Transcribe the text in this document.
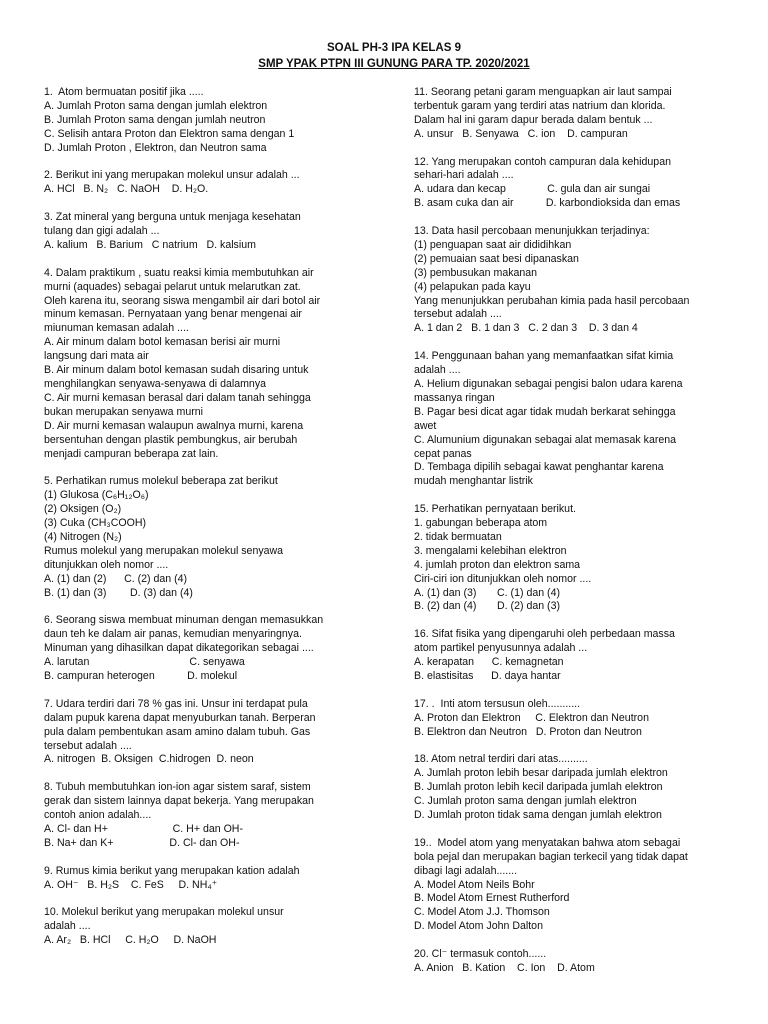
SOAL PH-3 IPA KELAS 9
SMP YPAK PTPN III GUNUNG PARA TP. 2020/2021
1.  Atom bermuatan positif jika .....
A. Jumlah Proton sama dengan jumlah elektron
B. Jumlah Proton sama dengan jumlah neutron
C. Selisih antara Proton dan Elektron sama dengan 1
D. Jumlah Proton , Elektron, dan Neutron sama
2. Berikut ini yang merupakan molekul unsur adalah ...
A. HCl   B. N₂   C. NaOH    D. H₂O.
3. Zat mineral yang berguna untuk menjaga kesehatan
tulang dan gigi adalah ...
A. kalium   B. Barium   C natrium   D. kalsium
4. Dalam praktikum , suatu reaksi kimia membutuhkan air
murni (aquades) sebagai pelarut untuk melarutkan zat.
Oleh karena itu, seorang siswa mengambil air dari botol air
minum kemasan. Pernyataan yang benar mengenai air
miunuman kemasan adalah ....
A. Air minum dalam botol kemasan berisi air murni
langsung dari mata air
B. Air minum dalam botol kemasan sudah disaring untuk
menghilangkan senyawa-senyawa di dalamnya
C. Air murni kemasan berasal dari dalam tanah sehingga
bukan merupakan senyawa murni
D. Air murni kemasan walaupun awalnya murni, karena
bersentuhan dengan plastik pembungkus, air berubah
menjadi campuran beberapa zat lain.
5. Perhatikan rumus molekul beberapa zat berikut
(1) Glukosa (C₆H₁₂O₆)
(2) Oksigen (O₂)
(3) Cuka (CH₃COOH)
(4) Nitrogen (N₂)
Rumus molekul yang merupakan molekul senyawa
ditunjukkan oleh nomor ....
A. (1) dan (2)      C. (2) dan (4)
B. (1) dan (3)        D. (3) dan (4)
6. Seorang siswa membuat minuman dengan memasukkan
daun teh ke dalam air panas, kemudian menyaringnya.
Minuman yang dihasilkan dapat dikategorikan sebagai ....
A. larutan                                  C. senyawa
B. campuran heterogen           D. molekul
7. Udara terdiri dari 78 % gas ini. Unsur ini terdapat pula
dalam pupuk karena dapat menyuburkan tanah. Berperan
pula dalam pembentukan asam amino dalam tubuh. Gas
tersebut adalah ....
A. nitrogen  B. Oksigen  C.hidrogen  D. neon
8. Tubuh membutuhkan ion-ion agar sistem saraf, sistem
gerak dan sistem lainnya dapat bekerja. Yang merupakan
contoh anion adalah....
A. Cl- dan H+                      C. H+ dan OH-
B. Na+ dan K+                   D. Cl- dan OH-
9. Rumus kimia berikut yang merupakan kation adalah
A. OH⁻   B. H₂S    C. FeS     D. NH₄⁺
10. Molekul berikut yang merupakan molekul unsur
adalah ....
A. Ar₂   B. HCl     C. H₂O     D. NaOH
11. Seorang petani garam menguapkan air laut sampai
terbentuk garam yang terdiri atas natrium dan klorida.
Dalam hal ini garam dapur berada dalam bentuk ...
A. unsur   B. Senyawa   C. ion    D. campuran
12. Yang merupakan contoh campuran dala kehidupan
sehari-hari adalah ....
A. udara dan kecap              C. gula dan air sungai
B. asam cuka dan air           D. karbondioksida dan emas
13. Data hasil percobaan menunjukkan terjadinya:
(1) penguapan saat air dididihkan
(2) pemuaian saat besi dipanaskan
(3) pembusukan makanan
(4) pelapukan pada kayu
Yang menunjukkan perubahan kimia pada hasil percobaan
tersebut adalah ....
A. 1 dan 2   B. 1 dan 3   C. 2 dan 3    D. 3 dan 4
14. Penggunaan bahan yang memanfaatkan sifat kimia
adalah ....
A. Helium digunakan sebagai pengisi balon udara karena
massanya ringan
B. Pagar besi dicat agar tidak mudah berkarat sehingga
awet
C. Alumunium digunakan sebagai alat memasak karena
cepat panas
D. Tembaga dipilih sebagai kawat penghantar karena
mudah menghantar listrik
15. Perhatikan pernyataan berikut.
1. gabungan beberapa atom
2. tidak bermuatan
3. mengalami kelebihan elektron
4. jumlah proton dan elektron sama
Ciri-ciri ion ditunjukkan oleh nomor ....
A. (1) dan (3)       C. (1) dan (4)
B. (2) dan (4)       D. (2) dan (3)
16. Sifat fisika yang dipengaruhi oleh perbedaan massa
atom partikel penyusunnya adalah ...
A. kerapatan      C. kemagnetan
B. elastisitas      D. daya hantar
17. .  Inti atom tersusun oleh...........
A. Proton dan Elektron     C. Elektron dan Neutron
B. Elektron dan Neutron   D. Proton dan Neutron
18. Atom netral terdiri dari atas..........
A. Jumlah proton lebih besar daripada jumlah elektron
B. Jumlah proton lebih kecil daripada jumlah elektron
C. Jumlah proton sama dengan jumlah elektron
D. Jumlah proton tidak sama dengan jumlah elektron
19..  Model atom yang menyatakan bahwa atom sebagai
bola pejal dan merupakan bagian terkecil yang tidak dapat
dibagi lagi adalah.......
A. Model Atom Neils Bohr
B. Model Atom Ernest Rutherford
C. Model Atom J.J. Thomson
D. Model Atom John Dalton
20. Cl⁻ termasuk contoh......
A. Anion   B. Kation    C. Ion    D. Atom
